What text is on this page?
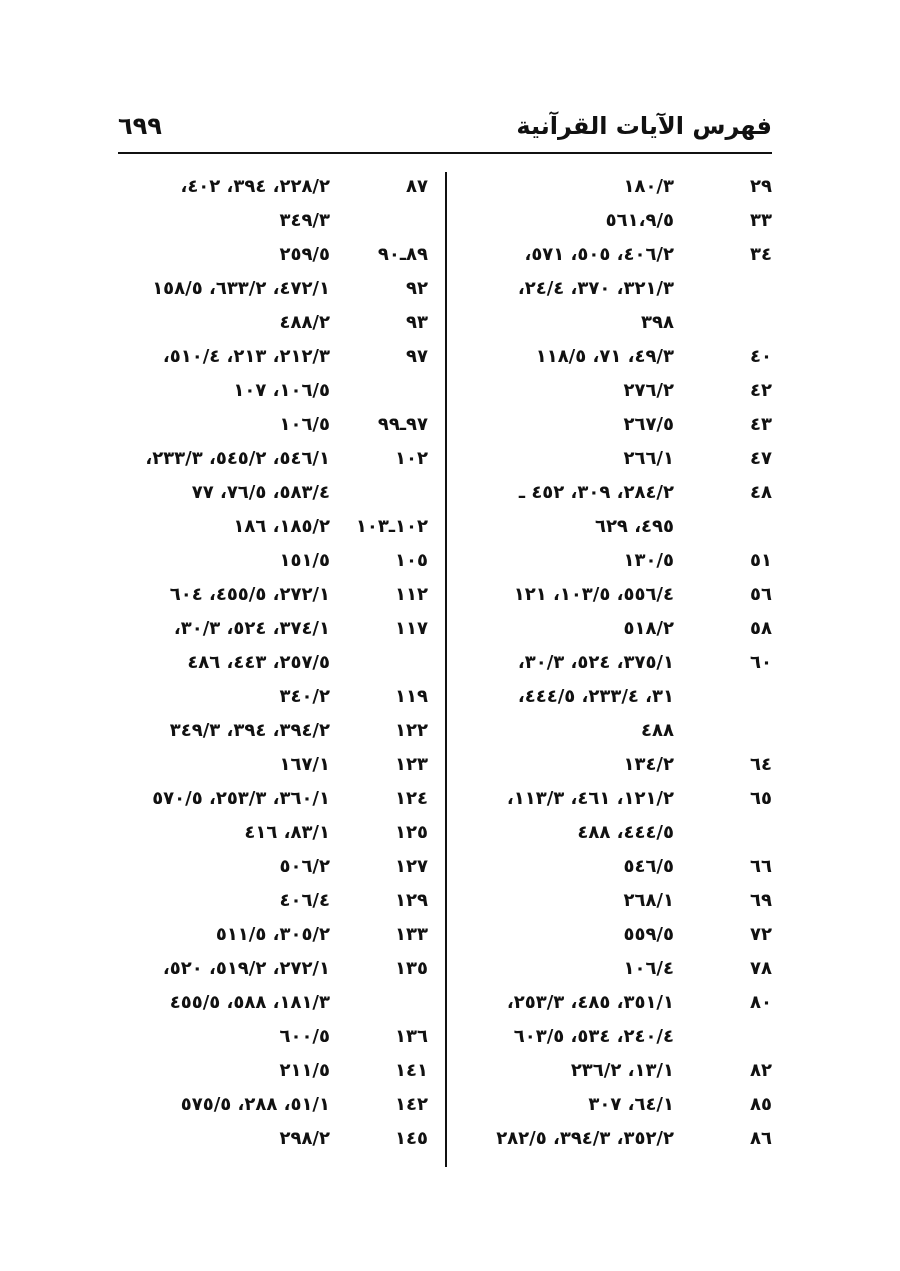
فهرس الآيات القرآنية
٦٩٩
٢٩
١٨٠/٣
٣٣
٥٦١،٩/٥
٣٤
٤٠٦/٢، ٥٠٥، ٥٧١،
٣٢١/٣، ٣٧٠، ٢٤/٤،
٣٩٨
٤٠
٤٩/٣، ٧١، ١١٨/٥
٤٢
٢٧٦/٢
٤٣
٢٦٧/٥
٤٧
٢٦٦/١
٤٨
٢٨٤/٢، ٣٠٩، ٤٥٢ ـ
٤٩٥، ٦٢٩
٥١
١٣٠/٥
٥٦
٥٥٦/٤، ١٠٣/٥، ١٢١
٥٨
٥١٨/٢
٦٠
٣٧٥/١، ٥٢٤، ٣٠/٣،
٣١، ٢٣٣/٤، ٤٤٤/٥،
٤٨٨
٦٤
١٣٤/٢
٦٥
١٢١/٢، ٤٦١، ١١٣/٣،
٤٤٤/٥، ٤٨٨
٦٦
٥٤٦/٥
٦٩
٢٦٨/١
٧٢
٥٥٩/٥
٧٨
١٠٦/٤
٨٠
٣٥١/١، ٤٨٥، ٢٥٣/٣،
٢٤٠/٤، ٥٣٤، ٦٠٣/٥
٨٢
١٣/١، ٢٣٦/٢
٨٥
٦٤/١، ٣٠٧
٨٦
٣٥٢/٢، ٣٩٤/٣، ٢٨٢/٥
٨٧
٢٢٨/٢، ٣٩٤، ٤٠٢،
٣٤٩/٣
٨٩ـ٩٠
٢٥٩/٥
٩٢
٤٧٢/١، ٦٣٣/٢، ١٥٨/٥
٩٣
٤٨٨/٢
٩٧
٢١٢/٣، ٢١٣، ٥١٠/٤،
١٠٦/٥، ١٠٧
٩٧ـ٩٩
١٠٦/٥
١٠٢
٥٤٦/١، ٥٤٥/٢، ٢٣٣/٣،
٥٨٣/٤، ٧٦/٥، ٧٧
١٠٢ـ١٠٣
١٨٥/٢، ١٨٦
١٠٥
١٥١/٥
١١٢
٢٧٢/١، ٤٥٥/٥، ٦٠٤
١١٧
٣٧٤/١، ٥٢٤، ٣٠/٣،
٢٥٧/٥، ٤٤٣، ٤٨٦
١١٩
٣٤٠/٢
١٢٢
٣٩٤/٢، ٣٩٤، ٣٤٩/٣
١٢٣
١٦٧/١
١٢٤
٣٦٠/١، ٢٥٣/٣، ٥٧٠/٥
١٢٥
٨٣/١، ٤١٦
١٢٧
٥٠٦/٢
١٢٩
٤٠٦/٤
١٣٣
٣٠٥/٢، ٥١١/٥
١٣٥
٢٧٢/١، ٥١٩/٢، ٥٢٠،
١٨١/٣، ٥٨٨، ٤٥٥/٥
١٣٦
٦٠٠/٥
١٤١
٢١١/٥
١٤٢
٥١/١، ٢٨٨، ٥٧٥/٥
١٤٥
٢٩٨/٢
